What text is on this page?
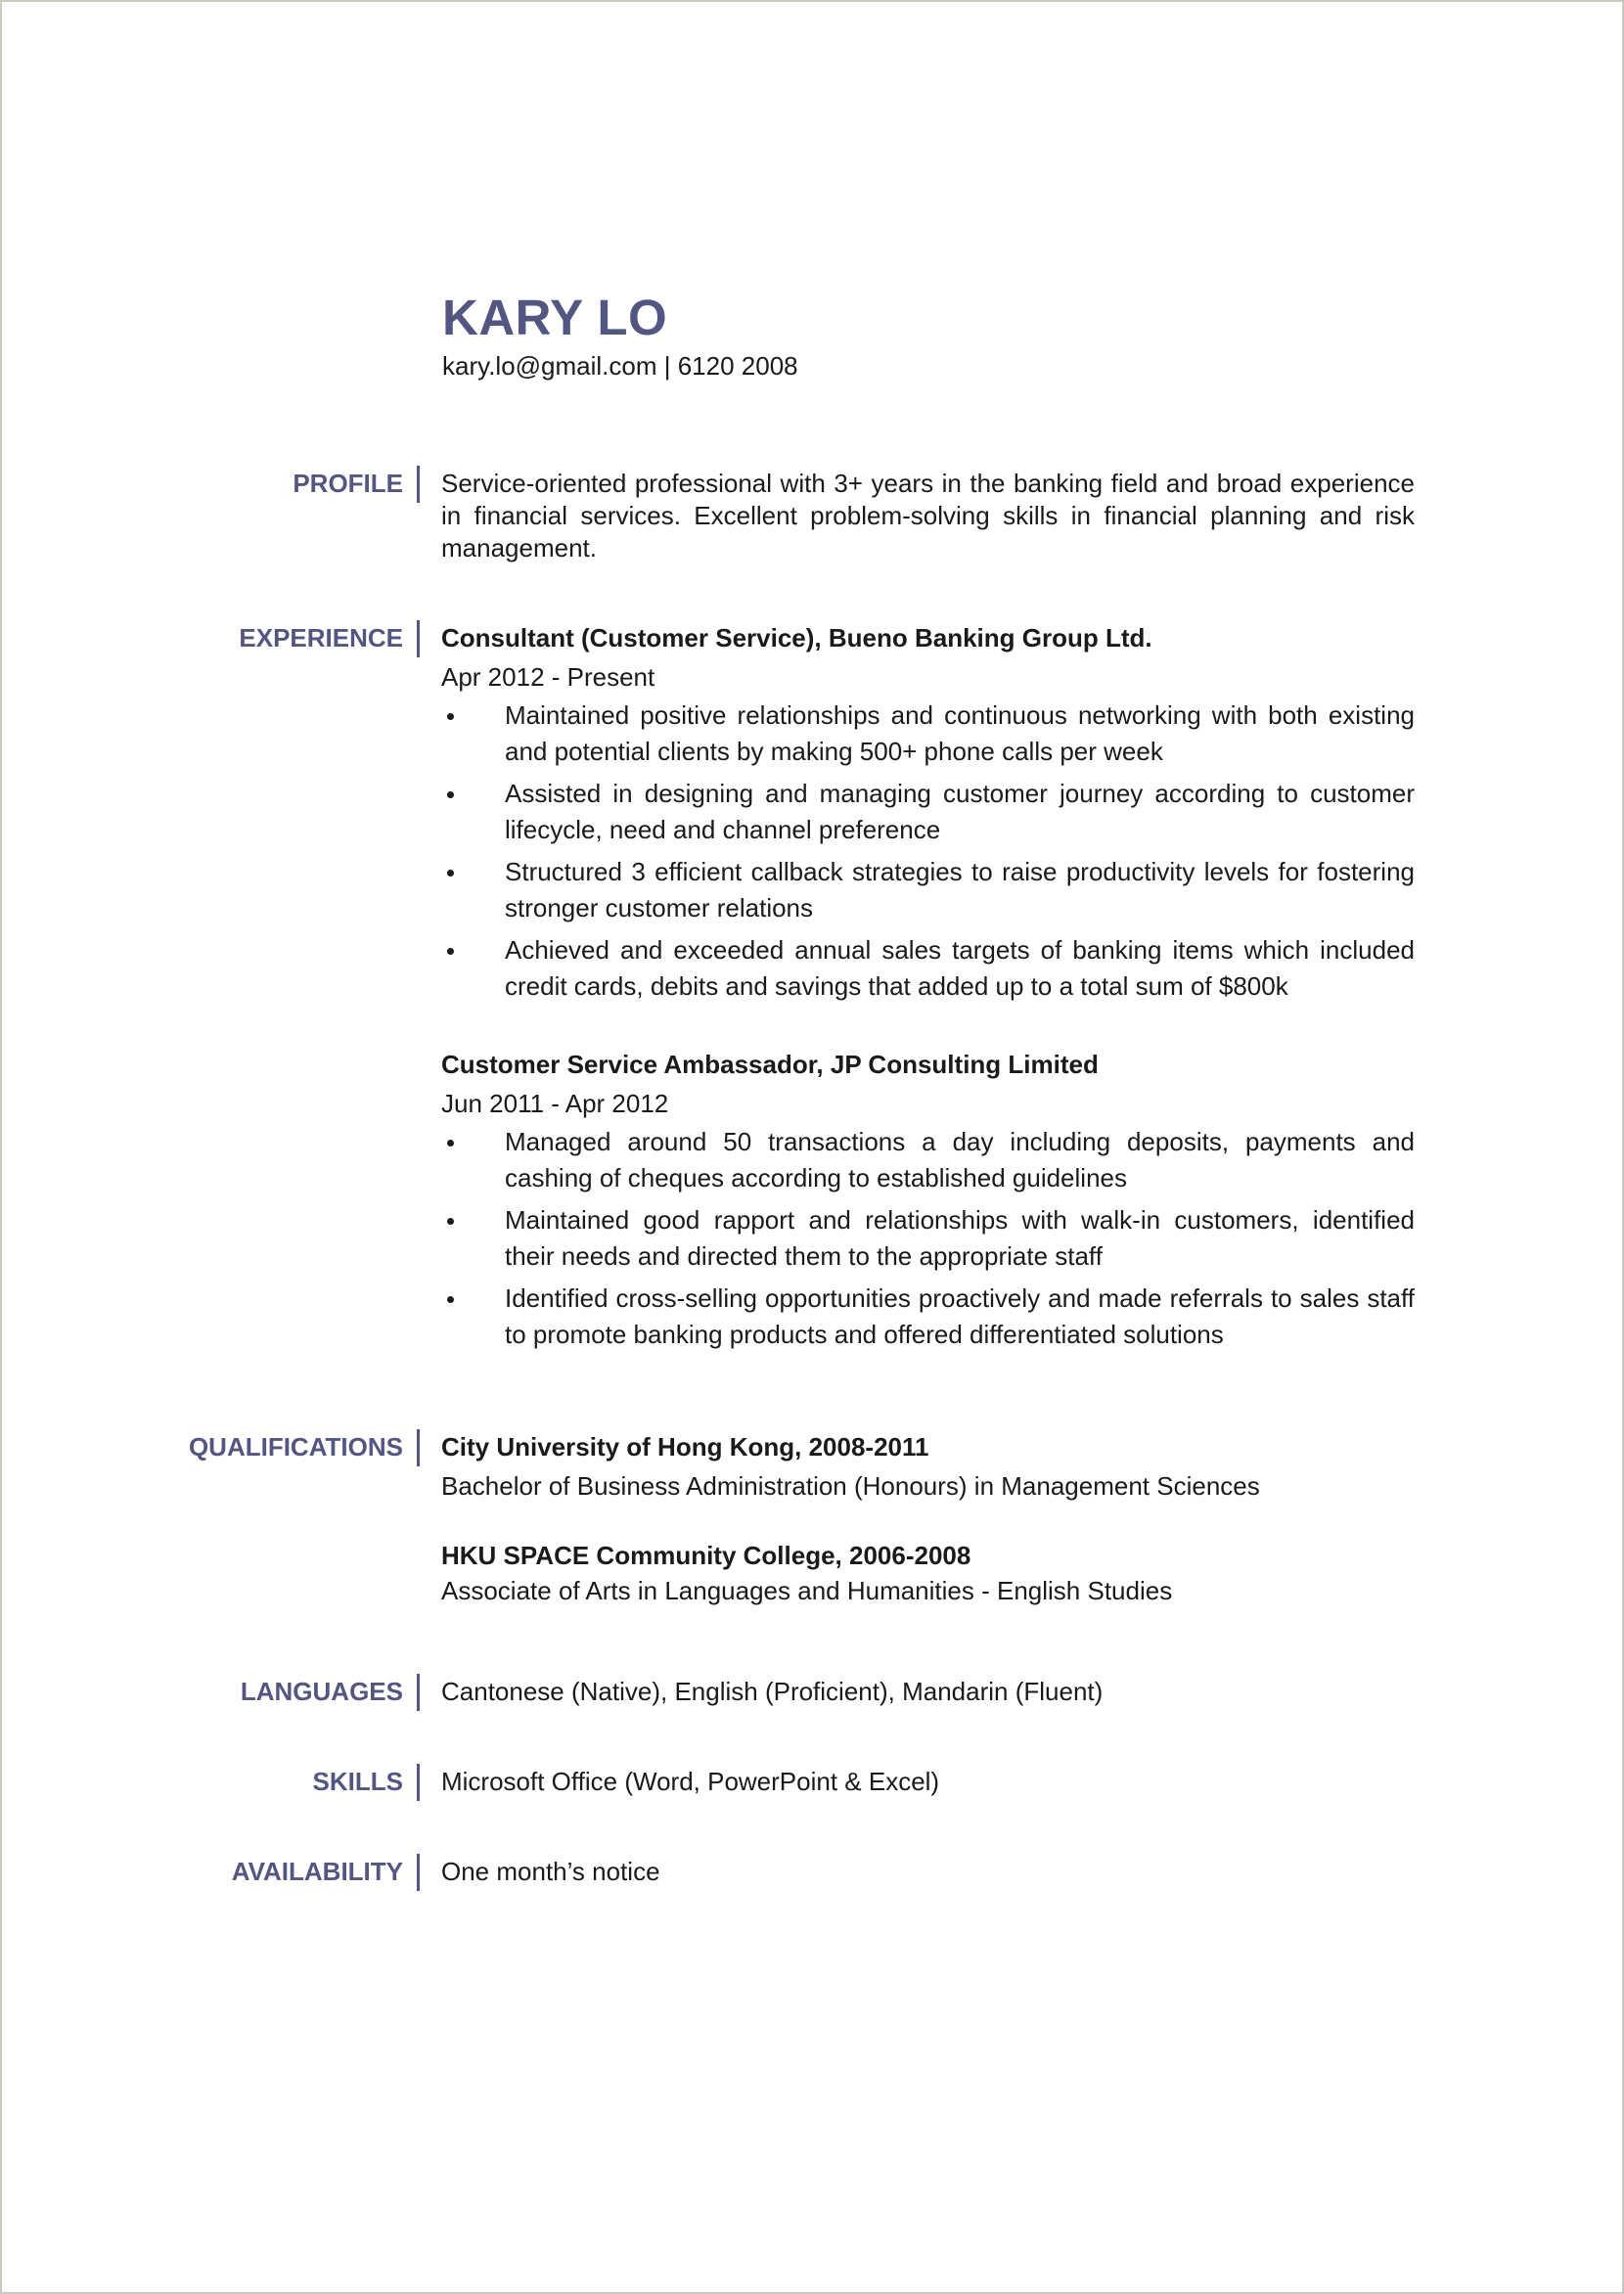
KARY LO
kary.lo@gmail.com | 6120 2008
PROFILE Service-oriented professional with 3+ years in the banking field and broad experience in financial services. Excellent problem-solving skills in financial planning and risk management.
EXPERIENCE Consultant (Customer Service), Bueno Banking Group Ltd.
Apr 2012 - Present
Maintained positive relationships and continuous networking with both existing and potential clients by making 500+ phone calls per week
Assisted in designing and managing customer journey according to customer lifecycle, need and channel preference
Structured 3 efficient callback strategies to raise productivity levels for fostering stronger customer relations
Achieved and exceeded annual sales targets of banking items which included credit cards, debits and savings that added up to a total sum of $800k
Customer Service Ambassador, JP Consulting Limited
Jun 2011 - Apr 2012
Managed around 50 transactions a day including deposits, payments and cashing of cheques according to established guidelines
Maintained good rapport and relationships with walk-in customers, identified their needs and directed them to the appropriate staff
Identified cross-selling opportunities proactively and made referrals to sales staff to promote banking products and offered differentiated solutions
QUALIFICATIONS City University of Hong Kong, 2008-2011
Bachelor of Business Administration (Honours) in Management Sciences
HKU SPACE Community College, 2006-2008
Associate of Arts in Languages and Humanities - English Studies
LANGUAGES Cantonese (Native), English (Proficient), Mandarin (Fluent)
SKILLS Microsoft Office (Word, PowerPoint & Excel)
AVAILABILITY One month’s notice
